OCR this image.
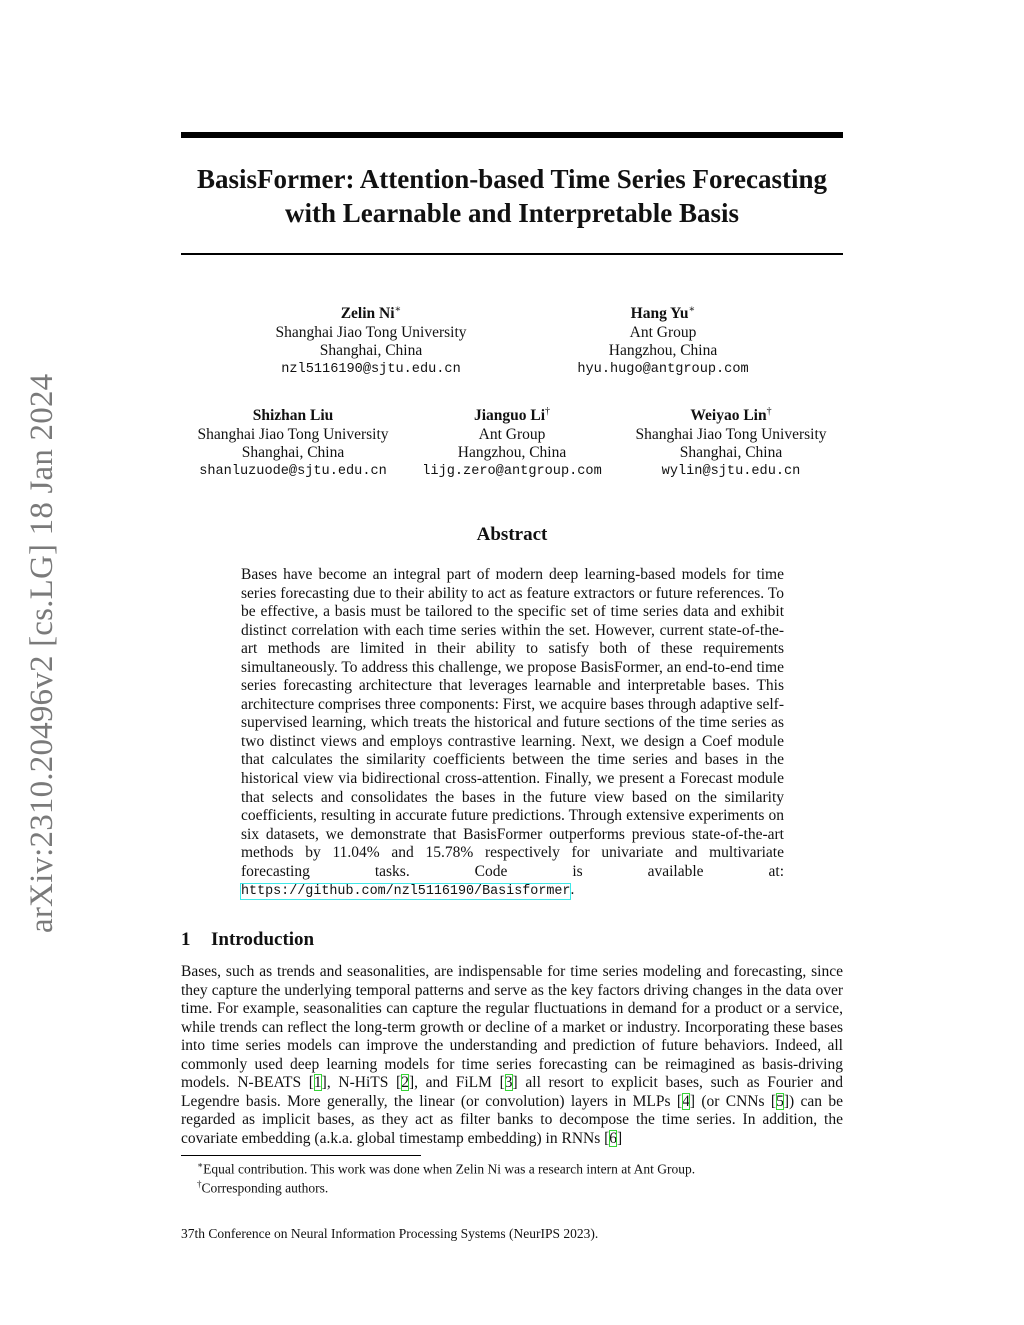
arXiv:2310.20496v2 [cs.LG] 18 Jan 2024
BasisFormer: Attention-based Time Series Forecasting
with Learnable and Interpretable Basis
Zelin Ni∗
Shanghai Jiao Tong University
Shanghai, China
nzl5116190@sjtu.edu.cn
Hang Yu∗
Ant Group
Hangzhou, China
hyu.hugo@antgroup.com
Shizhan Liu
Shanghai Jiao Tong University
Shanghai, China
shanluzuode@sjtu.edu.cn
Jianguo Li†
Ant Group
Hangzhou, China
lijg.zero@antgroup.com
Weiyao Lin†
Shanghai Jiao Tong University
Shanghai, China
wylin@sjtu.edu.cn
Abstract

Bases have become an integral part of modern deep learning-based models for time series forecasting due to their ability to act as feature extractors or future references. To be effective, a basis must be tailored to the specific set of time series data and exhibit distinct correlation with each time series within the set. However, current state-of-the-art methods are limited in their ability to satisfy both of these requirements simultaneously. To address this challenge, we propose BasisFormer, an end-to-end time series forecasting architecture that leverages learnable and interpretable bases. This architecture comprises three components: First, we acquire bases through adaptive self-supervised learning, which treats the historical and future sections of the time series as two distinct views and employs contrastive learning. Next, we design a Coef module that calculates the similarity coefficients between the time series and bases in the historical view via bidirectional cross-attention. Finally, we present a Forecast module that selects and consolidates the bases in the future view based on the similarity coefficients, resulting in accurate future predictions. Through extensive experiments on six datasets, we demonstrate that BasisFormer outperforms previous state-of-the-art methods by 11.04% and 15.78% respectively for univariate and multivariate forecasting tasks. Code is available at: https://github.com/nzl5116190/Basisformer.

1 Introduction

Bases, such as trends and seasonalities, are indispensable for time series modeling and forecasting, since they capture the underlying temporal patterns and serve as the key factors driving changes in the data over time. For example, seasonalities can capture the regular fluctuations in demand for a product or a service, while trends can reflect the long-term growth or decline of a market or industry. Incorporating these bases into time series models can improve the understanding and prediction of future behaviors. Indeed, all commonly used deep learning models for time series forecasting can be reimagined as basis-driving models. N-BEATS [1], N-HiTS [2], and FiLM [3] all resort to explicit bases, such as Fourier and Legendre basis. More generally, the linear (or convolution) layers in MLPs [4] (or CNNs [5]) can be regarded as implicit bases, as they act as filter banks to decompose the time series. In addition, the covariate embedding (a.k.a. global timestamp embedding) in RNNs [6]

∗Equal contribution. This work was done when Zelin Ni was a research intern at Ant Group.

†Corresponding authors.

37th Conference on Neural Information Processing Systems (NeurIPS 2023).
